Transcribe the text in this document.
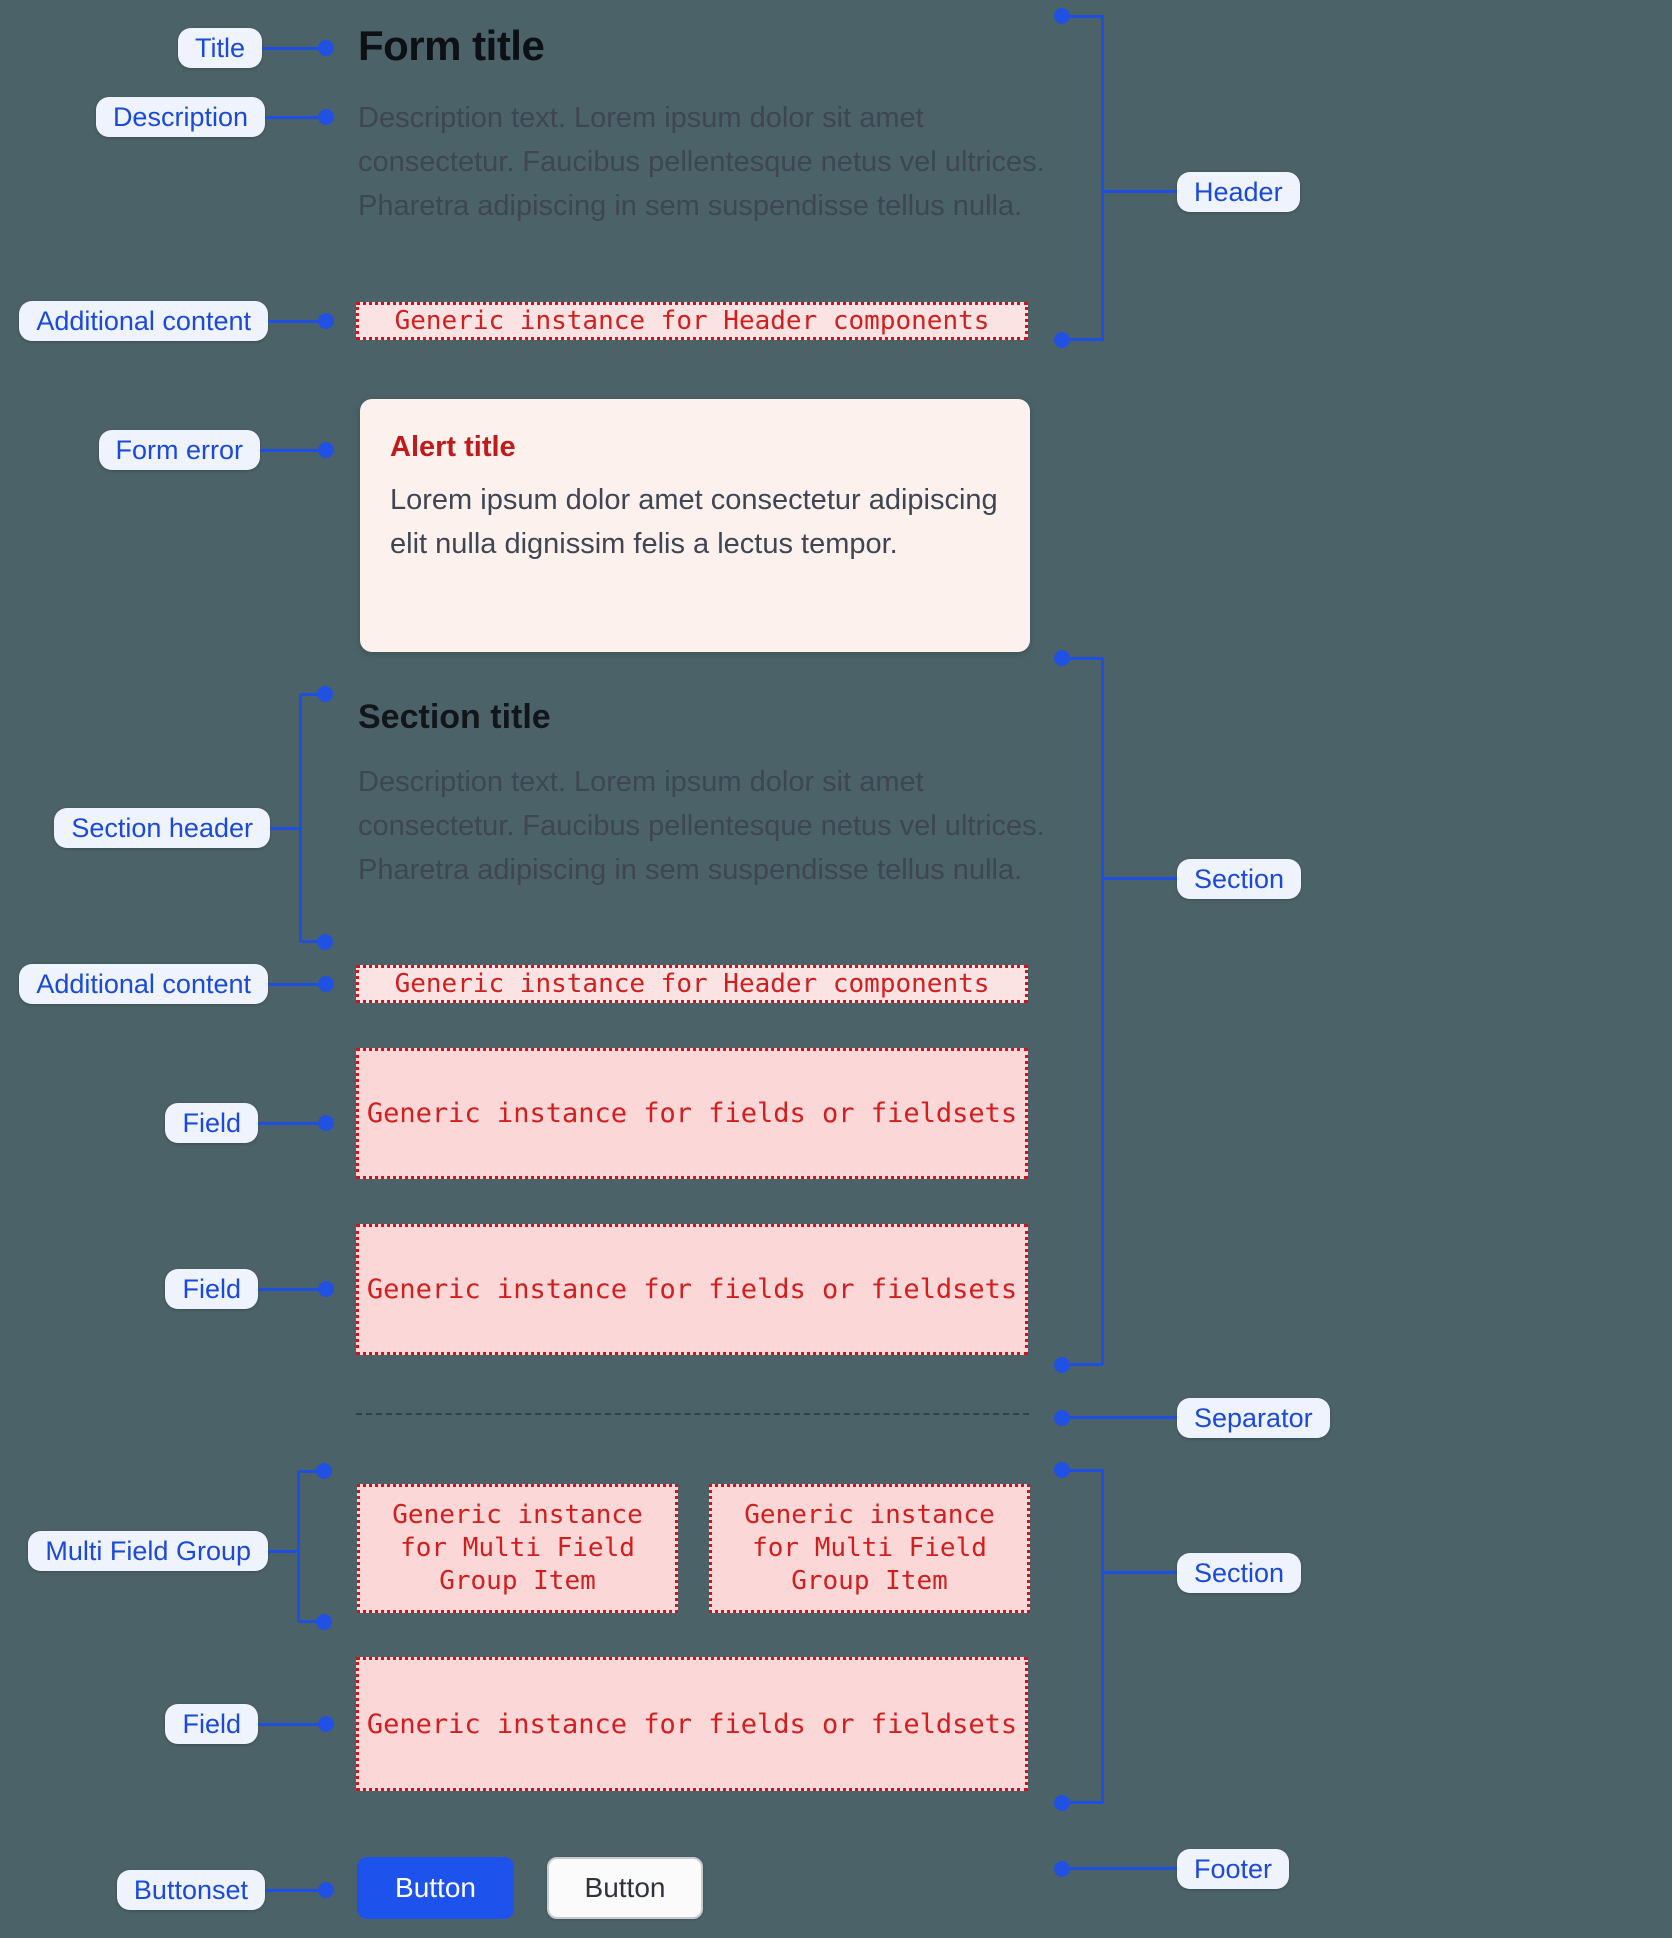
Form title
Description text. Lorem ipsum dolor sit amet consectetur. Faucibus pellentesque netus vel ultrices. Pharetra adipiscing in sem suspendisse tellus nulla.
Generic instance for Header components
Alert title
Lorem ipsum dolor amet consectetur adipiscing elit nulla dignissim felis a lectus tempor.
Section title
Description text. Lorem ipsum dolor sit amet consectetur. Faucibus pellentesque netus vel ultrices. Pharetra adipiscing in sem suspendisse tellus nulla.
Generic instance for Header components
Generic instance for fields or fieldsets
Generic instance for fields or fieldsets
Generic instance for Multi Field Group Item
Generic instance for Multi Field Group Item
Generic instance for fields or fieldsets
Button	Button
Title
Description
Additional content
Form error
Section header
Additional content
Field
Field
Multi Field Group
Field
Buttonset
Header
Section
Separator
Section
Footer
